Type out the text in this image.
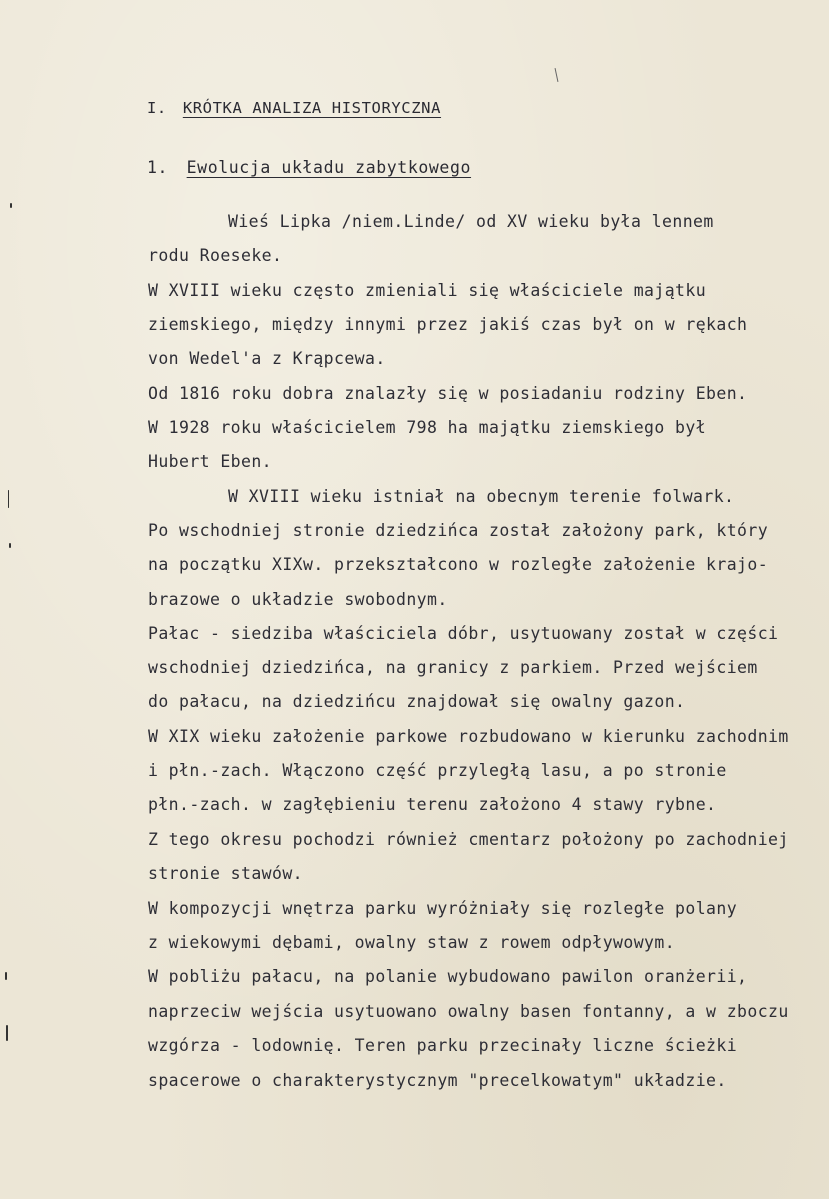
I. KRÓTKA ANALIZA HISTORYCZNA
1. Ewolucja układu zabytkowego
Wieś Lipka /niem.Linde/ od XV wieku była lennem
rodu Roeseke.
W XVIII wieku często zmieniali się właściciele majątku
ziemskiego, między innymi przez jakiś czas był on w rękach
von Wedel'a z Krąpcewa.
Od 1816 roku dobra znalazły się w posiadaniu rodziny Eben.
W 1928 roku właścicielem 798 ha majątku ziemskiego był
Hubert Eben.
W XVIII wieku istniał na obecnym terenie folwark.
Po wschodniej stronie dziedzińca został założony park, który
na początku XIXw. przekształcono w rozległe założenie krajo-
brazowe o układzie swobodnym.
Pałac - siedziba właściciela dóbr, usytuowany został w części
wschodniej dziedzińca, na granicy z parkiem. Przed wejściem
do pałacu, na dziedzińcu znajdował się owalny gazon.
W XIX wieku założenie parkowe rozbudowano w kierunku zachodnim
i płn.-zach. Włączono część przyległą lasu, a po stronie
płn.-zach. w zagłębieniu terenu założono 4 stawy rybne.
Z tego okresu pochodzi również cmentarz położony po zachodniej
stronie stawów.
W kompozycji wnętrza parku wyróżniały się rozległe polany
z wiekowymi dębami, owalny staw z rowem odpływowym.
W pobliżu pałacu, na polanie wybudowano pawilon oranżerii,
naprzeciw wejścia usytuowano owalny basen fontanny, a w zboczu
wzgórza - lodownię. Teren parku przecinały liczne ścieżki
spacerowe o charakterystycznym "precelkowatym" układzie.
